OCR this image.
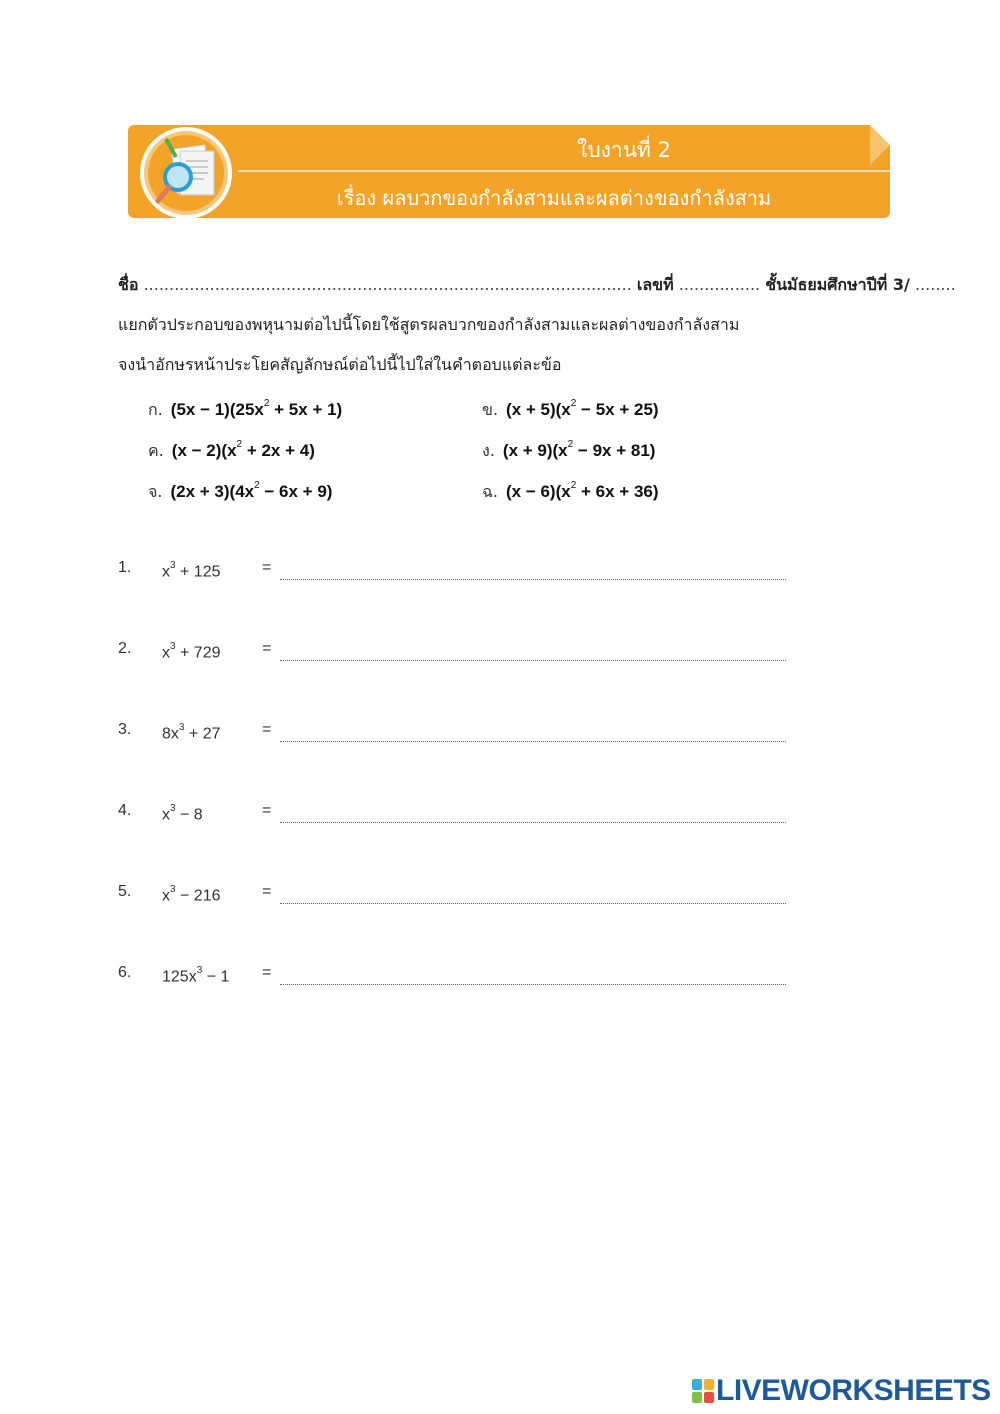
ใบงานที่ 2
เรื่อง ผลบวกของกำลังสามและผลต่างของกำลังสาม
ชื่อ ................................................................................................ เลขที่ ................ ชั้นมัธยมศึกษาปีที่ 3/ ........
แยกตัวประกอบของพหุนามต่อไปนี้โดยใช้สูตรผลบวกของกำลังสามและผลต่างของกำลังสาม
จงนำอักษรหน้าประโยคสัญลักษณ์ต่อไปนี้ไปใส่ในคำตอบแต่ละข้อ
ก. $(5x - 1)(25x^2 + 5x + 1)$	ข. $(x + 5)(x^2 - 5x + 25)$
ค. $(x - 2)(x^2 + 2x + 4)$	ง. $(x + 9)(x^2 - 9x + 81)$
จ. $(2x + 3)(4x^2 - 6x + 9)$	ฉ. $(x - 6)(x^2 + 6x + 36)$
1. $x^3 + 125$	=
2. $x^3 + 729$	=
3. $8x^3 + 27$	=
4. $x^3 - 8$	=
5. $x^3 - 216$	=
6. $125x^3 - 1$ =
LIVEWORKSHEETS
